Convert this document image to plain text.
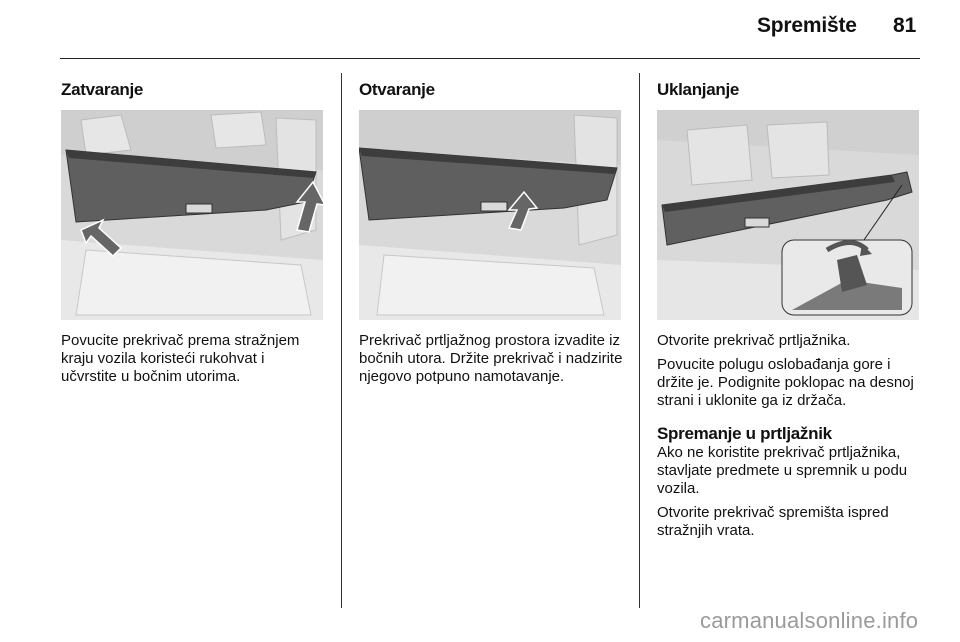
Spremište 81
Zatvaranje

Povucite prekrivač prema stražnjem kraju vozila koristeći rukohvat i učvrstite u bočnim utorima.

Otvaranje

Prekrivač prtljažnog prostora izvadite iz bočnih utora. Držite prekrivač i nadzirite njegovo potpuno namotavanje.

Uklanjanje

Otvorite prekrivač prtljažnika.

Povucite polugu oslobađanja gore i držite je. Podignite poklopac na desnoj strani i uklonite ga iz držača.

Spremanje u prtljažnik

Ako ne koristite prekrivač prtljažnika, stavljate predmete u spremnik u podu vozila.

Otvorite prekrivač spremišta ispred stražnjih vrata.

carmanualsonline.info
